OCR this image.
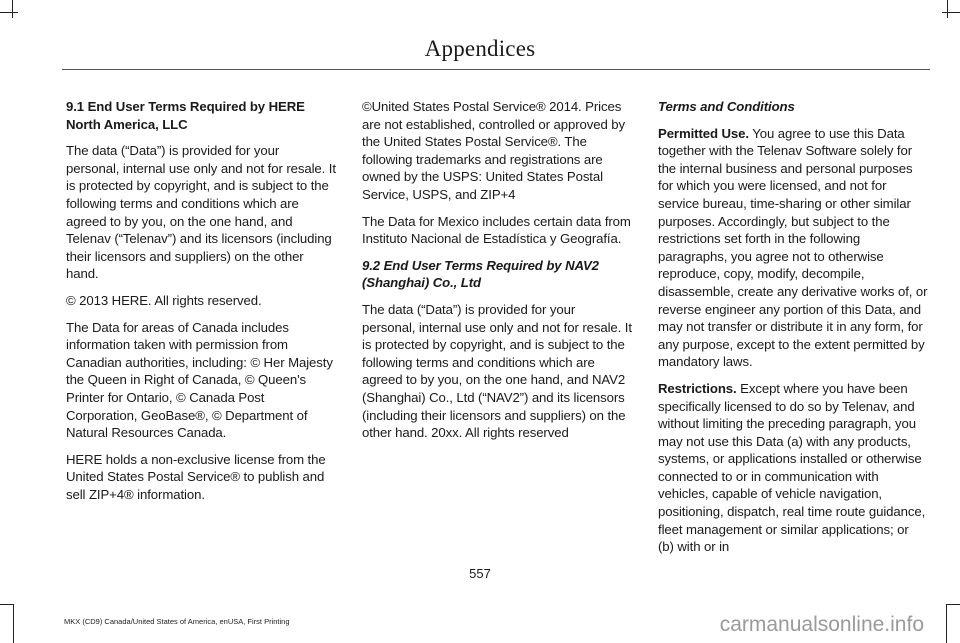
Appendices
9.1 End User Terms Required by HERE North America, LLC

The data (“Data”) is provided for your personal, internal use only and not for resale. It is protected by copyright, and is subject to the following terms and conditions which are agreed to by you, on the one hand, and Telenav (“Telenav”) and its licensors (including their licensors and suppliers) on the other hand.

© 2013 HERE. All rights reserved.

The Data for areas of Canada includes information taken with permission from Canadian authorities, including: © Her Majesty the Queen in Right of Canada, © Queen's Printer for Ontario, © Canada Post Corporation, GeoBase®, © Department of Natural Resources Canada.

HERE holds a non-exclusive license from the United States Postal Service® to publish and sell ZIP+4® information.

©United States Postal Service® 2014. Prices are not established, controlled or approved by the United States Postal Service®. The following trademarks and registrations are owned by the USPS: United States Postal Service, USPS, and ZIP+4

The Data for Mexico includes certain data from Instituto Nacional de Estadística y Geografía.

9.2 End User Terms Required by NAV2 (Shanghai) Co., Ltd

The data (“Data”) is provided for your personal, internal use only and not for resale. It is protected by copyright, and is subject to the following terms and conditions which are agreed to by you, on the one hand, and NAV2 (Shanghai) Co., Ltd (“NAV2”) and its licensors (including their licensors and suppliers) on the other hand. 20xx. All rights reserved

Terms and Conditions

Permitted Use. You agree to use this Data together with the Telenav Software solely for the internal business and personal purposes for which you were licensed, and not for service bureau, time-sharing or other similar purposes. Accordingly, but subject to the restrictions set forth in the following paragraphs, you agree not to otherwise reproduce, copy, modify, decompile, disassemble, create any derivative works of, or reverse engineer any portion of this Data, and may not transfer or distribute it in any form, for any purpose, except to the extent permitted by mandatory laws.

Restrictions. Except where you have been specifically licensed to do so by Telenav, and without limiting the preceding paragraph, you may not use this Data (a) with any products, systems, or applications installed or otherwise connected to or in communication with vehicles, capable of vehicle navigation, positioning, dispatch, real time route guidance, fleet management or similar applications; or (b) with or in

557
MKX (CD9) Canada/United States of America, enUSA, First Printing	carmanualsonline.info
